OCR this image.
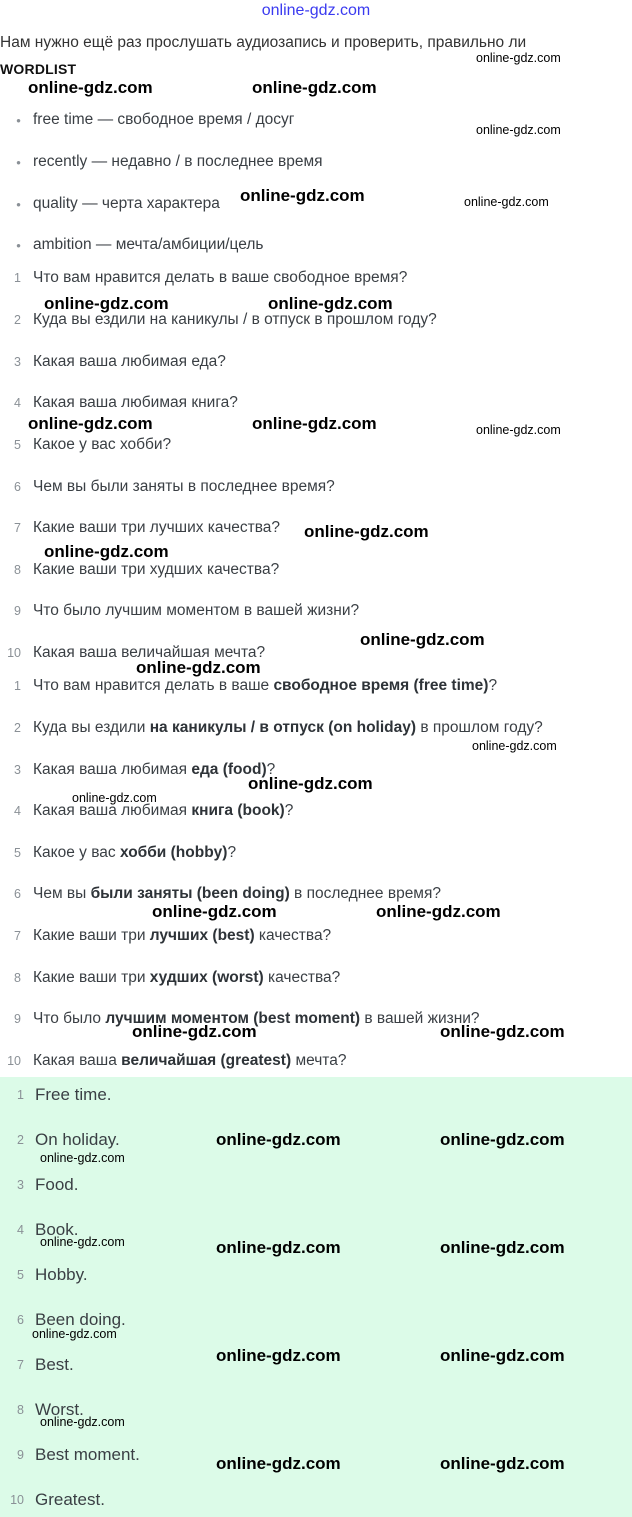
online-gdz.com
Нам нужно ещё раз прослушать аудиозапись и проверить, правильно ли
WORDLIST
• free time — свободное время / досуг
• recently — недавно / в последнее время
• quality — черта характера
• ambition — мечта/амбиции/цель
1 Что вам нравится делать в ваше свободное время?
2 Куда вы ездили на каникулы / в отпуск в прошлом году?
3 Какая ваша любимая еда?
4 Какая ваша любимая книга?
5 Какое у вас хобби?
6 Чем вы были заняты в последнее время?
7 Какие ваши три лучших качества?
8 Какие ваши три худших качества?
9 Что было лучшим моментом в вашей жизни?
10 Какая ваша величайшая мечта?
1 Что вам нравится делать в ваше свободное время (free time)?
2 Куда вы ездили на каникулы / в отпуск (on holiday) в прошлом году?
3 Какая ваша любимая еда (food)?
4 Какая ваша любимая книга (book)?
5 Какое у вас хобби (hobby)?
6 Чем вы были заняты (been doing) в последнее время?
7 Какие ваши три лучших (best) качества?
8 Какие ваши три худших (worst) качества?
9 Что было лучшим моментом (best moment) в вашей жизни?
10 Какая ваша величайшая (greatest) мечта?
1 Free time.
2 On holiday.
3 Food.
4 Book.
5 Hobby.
6 Been doing.
7 Best.
8 Worst.
9 Best moment.
10 Greatest.
online-gdz.com
online-gdz.com	online-gdz.com
online-gdz.com
online-gdz.com	online-gdz.com
online-gdz.com	online-gdz.com
online-gdz.com	online-gdz.com	online-gdz.com
online-gdz.com
online-gdz.com
online-gdz.com
online-gdz.com
online-gdz.com
online-gdz.com
online-gdz.com
online-gdz.com	online-gdz.com
online-gdz.com	online-gdz.com
online-gdz.com	online-gdz.com
online-gdz.com
online-gdz.com	online-gdz.com	online-gdz.com
online-gdz.com
online-gdz.com	online-gdz.com
online-gdz.com
online-gdz.com	online-gdz.com
